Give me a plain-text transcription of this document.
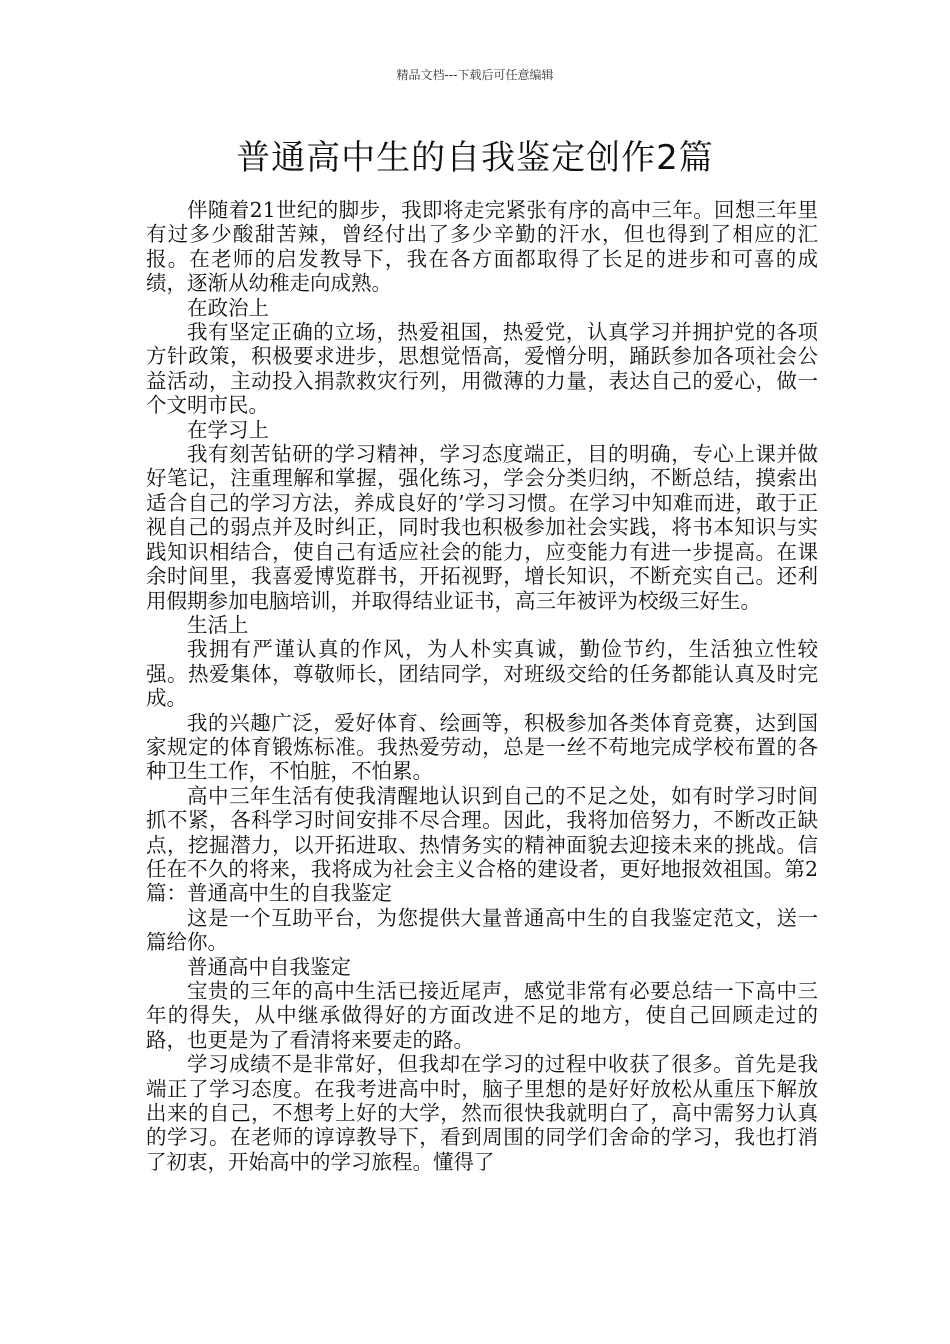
精品文档---下载后可任意编辑
普通高中生的自我鉴定创作2篇

伴随着21世纪的脚步，我即将走完紧张有序的高中三年。回想三年里有过多少酸甜苦辣，曾经付出了多少辛勤的汗水，但也得到了相应的汇报。在老师的启发教导下，我在各方面都取得了长足的进步和可喜的成绩，逐渐从幼稚走向成熟。

在政治上

我有坚定正确的立场，热爱祖国，热爱党，认真学习并拥护党的各项方针政策，积极要求进步，思想觉悟高，爱憎分明，踊跃参加各项社会公益活动，主动投入捐款救灾行列，用微薄的力量，表达自己的爱心，做一个文明市民。

在学习上

我有刻苦钻研的学习精神，学习态度端正，目的明确，专心上课并做好笔记，注重理解和掌握，强化练习，学会分类归纳，不断总结，摸索出适合自己的学习方法，养成良好的’学习习惯。在学习中知难而进，敢于正视自己的弱点并及时纠正，同时我也积极参加社会实践，将书本知识与实践知识相结合，使自己有适应社会的能力，应变能力有进一步提高。在课余时间里，我喜爱博览群书，开拓视野，增长知识，不断充实自己。还利用假期参加电脑培训，并取得结业证书，高三年被评为校级三好生。

生活上

我拥有严谨认真的作风，为人朴实真诚，勤俭节约，生活独立性较强。热爱集体，尊敬师长，团结同学，对班级交给的任务都能认真及时完成。

我的兴趣广泛，爱好体育、绘画等，积极参加各类体育竞赛，达到国家规定的体育锻炼标准。我热爱劳动，总是一丝不苟地完成学校布置的各种卫生工作，不怕脏，不怕累。

高中三年生活有使我清醒地认识到自己的不足之处，如有时学习时间抓不紧，各科学习时间安排不尽合理。因此，我将加倍努力，不断改正缺点，挖掘潜力，以开拓进取、热情务实的精神面貌去迎接未来的挑战。信任在不久的将来，我将成为社会主义合格的建设者，更好地报效祖国。第2篇：普通高中生的自我鉴定

这是一个互助平台，为您提供大量普通高中生的自我鉴定范文，送一篇给你。

普通高中自我鉴定

宝贵的三年的高中生活已接近尾声，感觉非常有必要总结一下高中三年的得失，从中继承做得好的方面改进不足的地方，使自己回顾走过的路，也更是为了看清将来要走的路。

学习成绩不是非常好，但我却在学习的过程中收获了很多。首先是我端正了学习态度。在我考进高中时，脑子里想的是好好放松从重压下解放出来的自己，不想考上好的大学，然而很快我就明白了，高中需努力认真的学习。在老师的谆谆教导下，看到周围的同学们舍命的学习，我也打消了初衷，开始高中的学习旅程。懂得了
